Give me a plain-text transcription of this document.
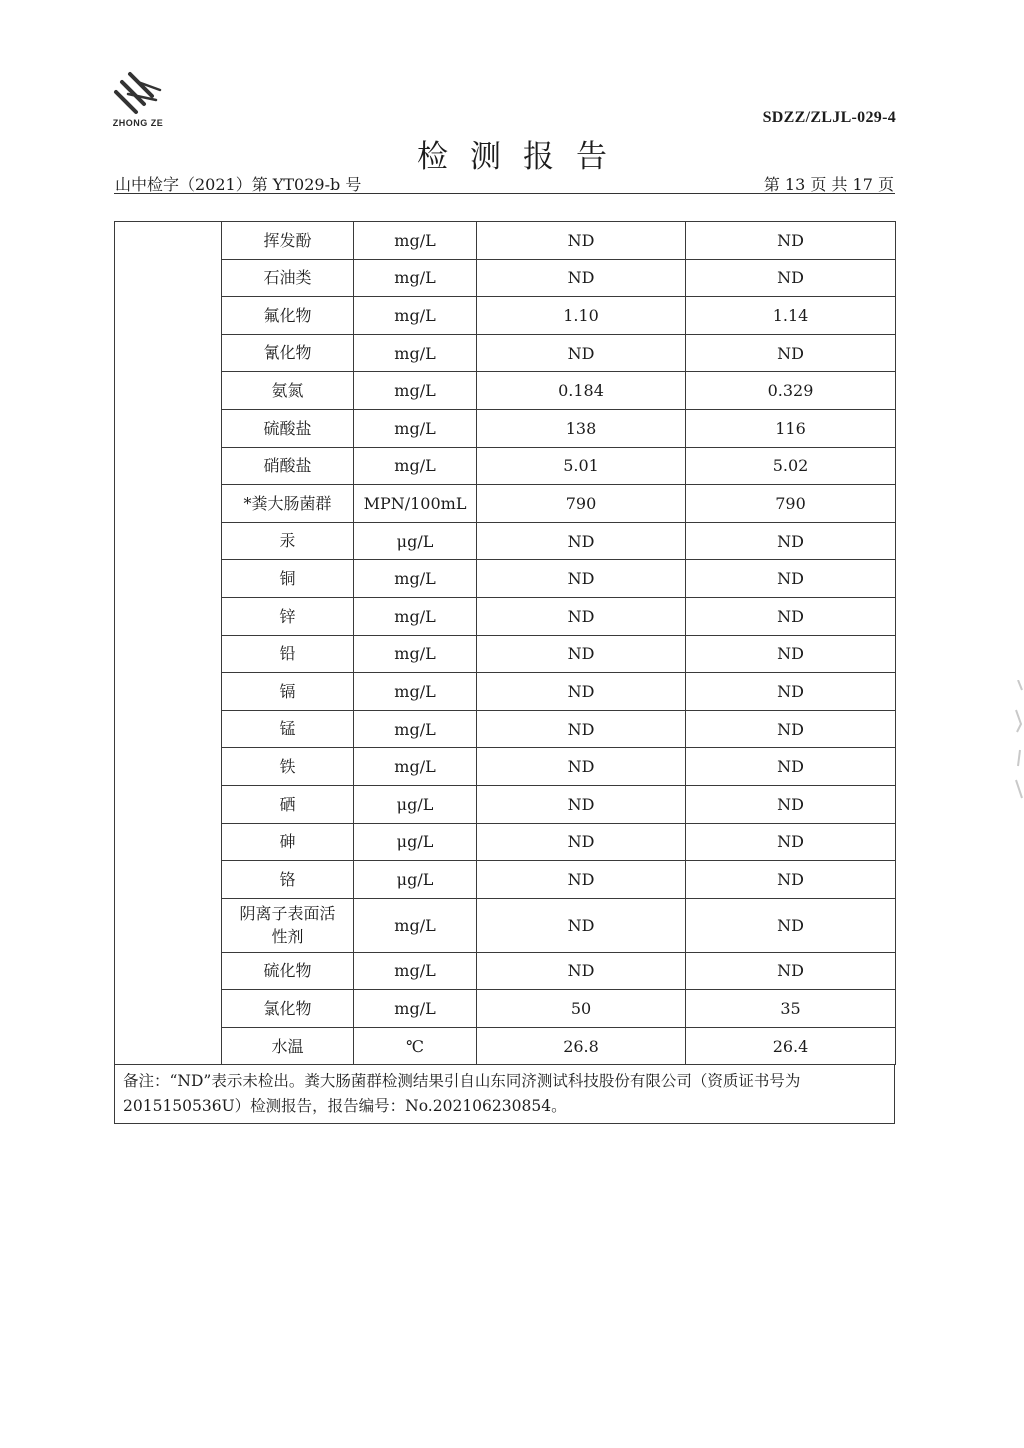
ZHONG ZE	SDZZ/ZLJL-029-4
检测报告
山中检字（2021）第 YT029-b 号	第 13 页 共 17 页
	挥发酚	mg/L	ND	ND
	石油类	mg/L	ND	ND
	氟化物	mg/L	1.10	1.14
	氰化物	mg/L	ND	ND
	氨氮	mg/L	0.184	0.329
	硫酸盐	mg/L	138	116
	硝酸盐	mg/L	5.01	5.02
	*粪大肠菌群	MPN/100mL	790	790
	汞	μg/L	ND	ND
	铜	mg/L	ND	ND
	锌	mg/L	ND	ND
	铅	mg/L	ND	ND
	镉	mg/L	ND	ND
	锰	mg/L	ND	ND
	铁	mg/L	ND	ND
	硒	μg/L	ND	ND
	砷	μg/L	ND	ND
	铬	μg/L	ND	ND
	阴离子表面活性剂	mg/L	ND	ND
	硫化物	mg/L	ND	ND
	氯化物	mg/L	50	35
	水温	℃	26.8	26.4
备注：“ND”表示未检出。粪大肠菌群检测结果引自山东同济测试科技股份有限公司（资质证书号为 2015150536U）检测报告，报告编号：No.202106230854。
